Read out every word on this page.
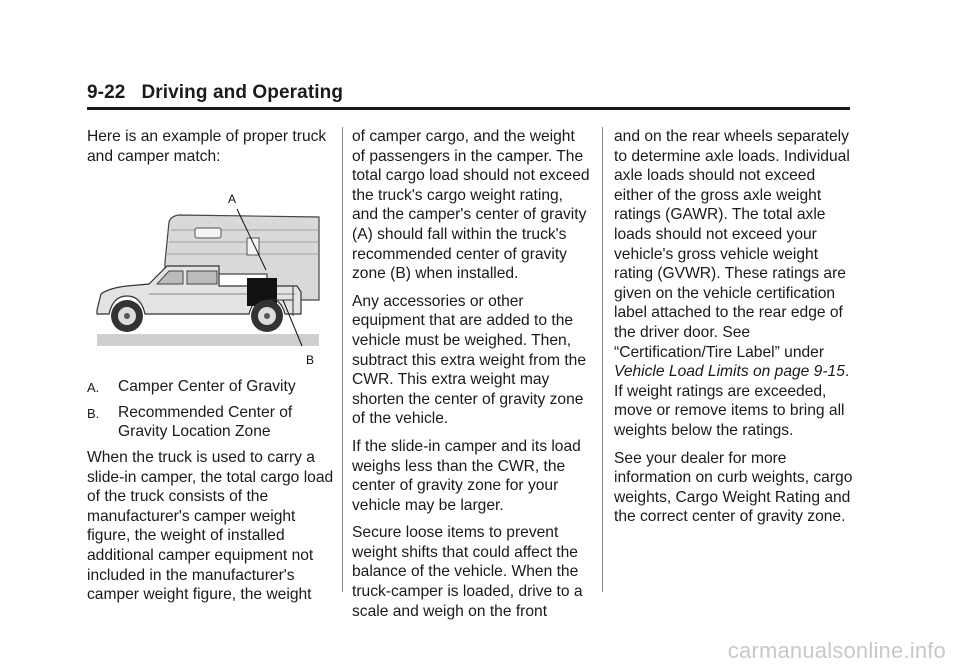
9-22 Driving and Operating

Here is an example of proper truck and camper match:

A
B
A. Camper Center of Gravity
B. Recommended Center of Gravity Location Zone

When the truck is used to carry a slide-in camper, the total cargo load of the truck consists of the manufacturer's camper weight figure, the weight of installed additional camper equipment not included in the manufacturer's camper weight figure, the weight

of camper cargo, and the weight of passengers in the camper. The total cargo load should not exceed the truck's cargo weight rating, and the camper's center of gravity (A) should fall within the truck's recommended center of gravity zone (B) when installed.

Any accessories or other equipment that are added to the vehicle must be weighed. Then, subtract this extra weight from the CWR. This extra weight may shorten the center of gravity zone of the vehicle.

If the slide-in camper and its load weighs less than the CWR, the center of gravity zone for your vehicle may be larger.

Secure loose items to prevent weight shifts that could affect the balance of the vehicle. When the truck-camper is loaded, drive to a scale and weigh on the front

and on the rear wheels separately to determine axle loads. Individual axle loads should not exceed either of the gross axle weight ratings (GAWR). The total axle loads should not exceed your vehicle's gross vehicle weight rating (GVWR). These ratings are given on the vehicle certification label attached to the rear edge of the driver door. See “Certification/Tire Label” under Vehicle Load Limits on page 9-15. If weight ratings are exceeded, move or remove items to bring all weights below the ratings.

See your dealer for more information on curb weights, cargo weights, Cargo Weight Rating and the correct center of gravity zone.

carmanualsonline.info
